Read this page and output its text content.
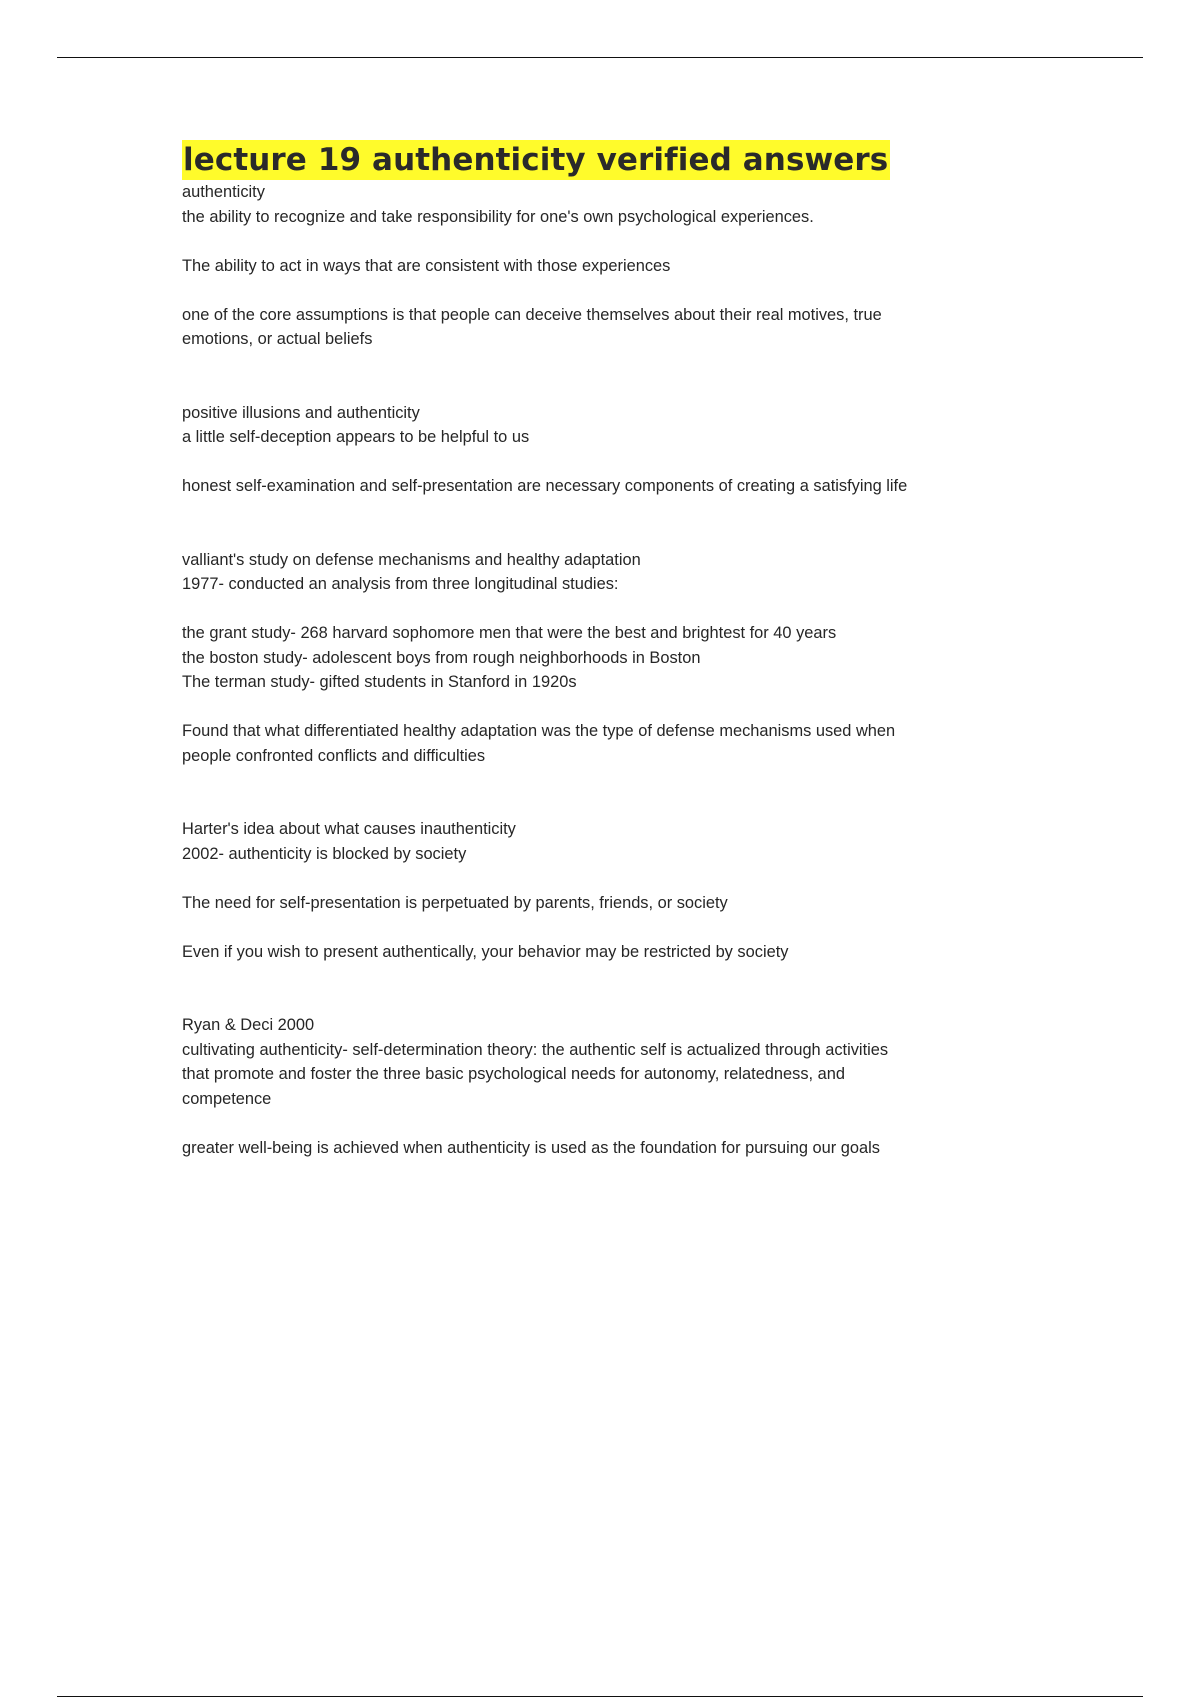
lecture 19 authenticity verified answers
authenticity
the ability to recognize and take responsibility for one's own psychological experiences.
The ability to act in ways that are consistent with those experiences
one of the core assumptions is that people can deceive themselves about their real motives, true
emotions, or actual beliefs
positive illusions and authenticity
a little self-deception appears to be helpful to us
honest self-examination and self-presentation are necessary components of creating a satisfying life
valliant's study on defense mechanisms and healthy adaptation
1977- conducted an analysis from three longitudinal studies:
the grant study- 268 harvard sophomore men that were the best and brightest for 40 years
the boston study- adolescent boys from rough neighborhoods in Boston
The terman study- gifted students in Stanford in 1920s
Found that what differentiated healthy adaptation was the type of defense mechanisms used when
people confronted conflicts and difficulties
Harter's idea about what causes inauthenticity
2002- authenticity is blocked by society
The need for self-presentation is perpetuated by parents, friends, or society
Even if you wish to present authentically, your behavior may be restricted by society
Ryan & Deci 2000
cultivating authenticity- self-determination theory: the authentic self is actualized through activities
that promote and foster the three basic psychological needs for autonomy, relatedness, and
competence
greater well-being is achieved when authenticity is used as the foundation for pursuing our goals
